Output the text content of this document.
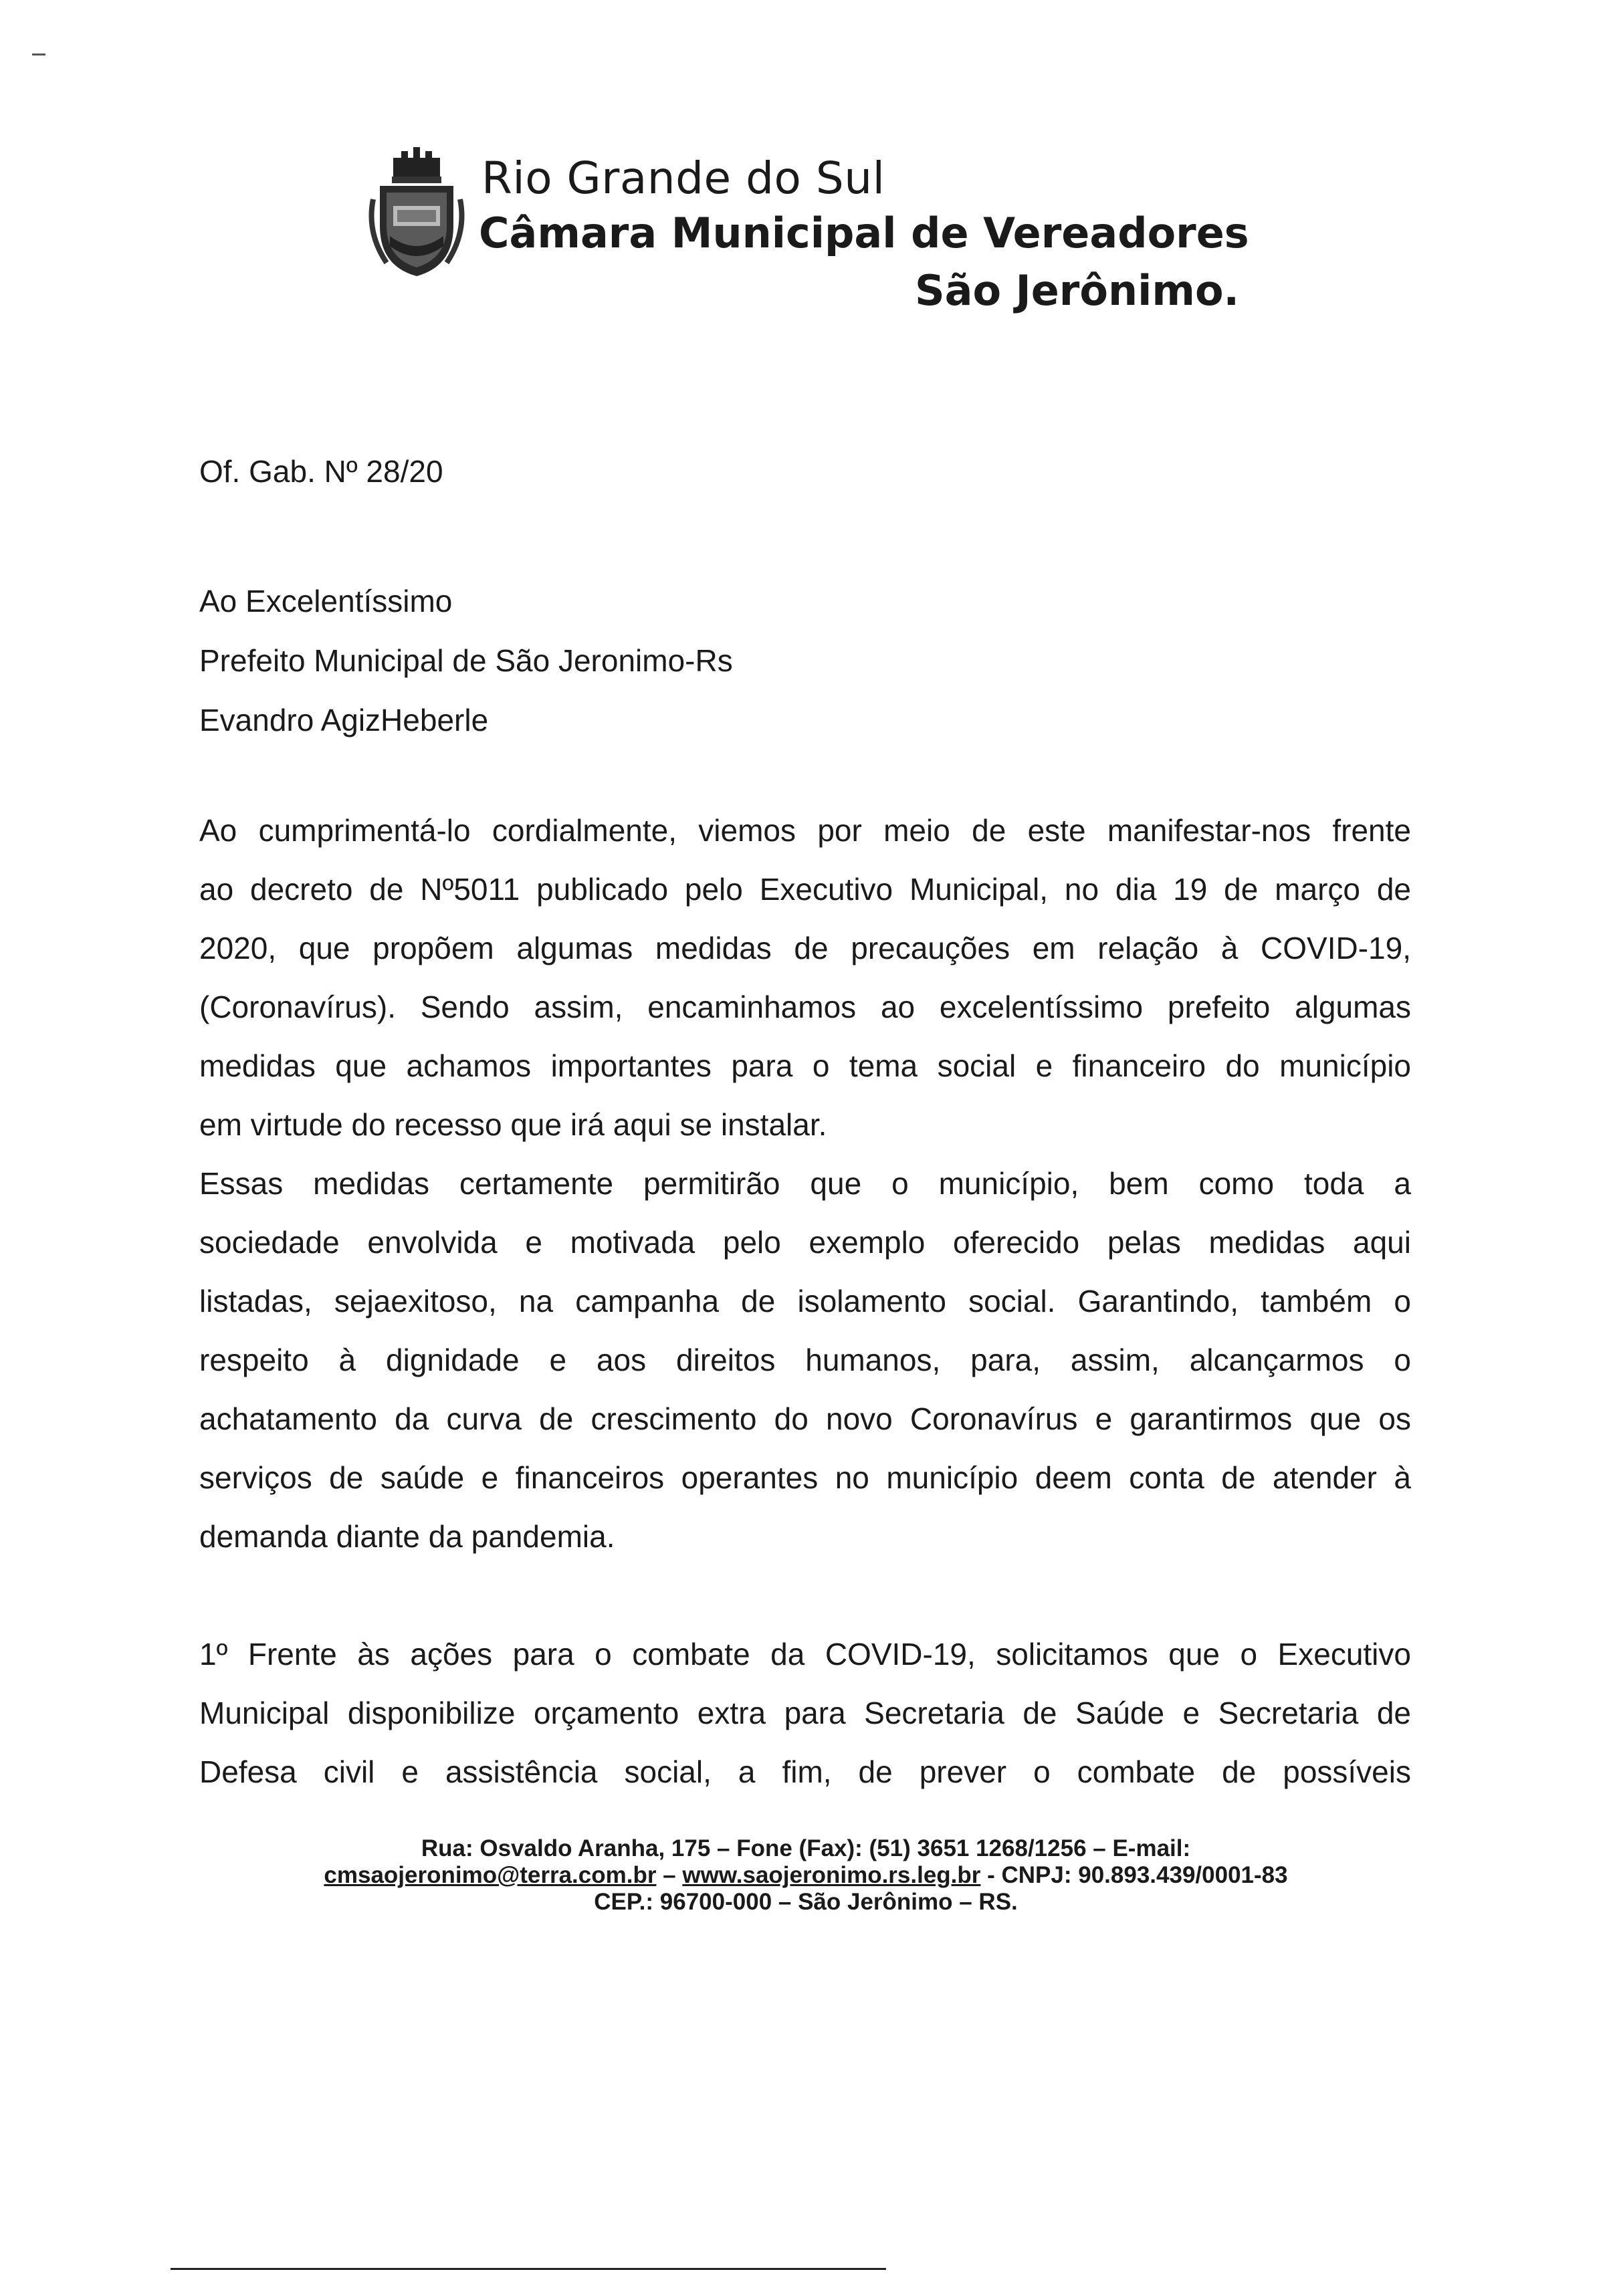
Rio Grande do Sul
Câmara Municipal de Vereadores
São Jerônimo.
Of. Gab. Nº 28/20
Ao Excelentíssimo
Prefeito Municipal de São Jeronimo-Rs
Evandro AgizHeberle
Ao cumprimentá-lo cordialmente, viemos por meio de este manifestar-nos frente
ao decreto de Nº5011 publicado pelo Executivo Municipal, no dia 19 de março de
2020, que propõem algumas medidas de precauções em relação à COVID-19,
(Coronavírus). Sendo assim, encaminhamos ao excelentíssimo prefeito algumas
medidas que achamos importantes para o tema social e financeiro do município
em virtude do recesso que irá aqui se instalar.
Essas medidas certamente permitirão que o município, bem como toda a
sociedade envolvida e motivada pelo exemplo oferecido pelas medidas aqui
listadas, sejaexitoso, na campanha de isolamento social. Garantindo, também o
respeito à dignidade e aos direitos humanos, para, assim, alcançarmos o
achatamento da curva de crescimento do novo Coronavírus e garantirmos que os
serviços de saúde e financeiros operantes no município deem conta de atender à
demanda diante da pandemia.
1º Frente às ações para o combate da COVID-19, solicitamos que o Executivo
Municipal disponibilize orçamento extra para Secretaria de Saúde e Secretaria de
Defesa civil e assistência social, a fim, de prever o combate de possíveis
Rua: Osvaldo Aranha, 175 – Fone (Fax): (51) 3651 1268/1256 – E-mail:
cmsaojeronimo@terra.com.br – www.saojeronimo.rs.leg.br - CNPJ: 90.893.439/0001-83
CEP.: 96700-000 – São Jerônimo – RS.
